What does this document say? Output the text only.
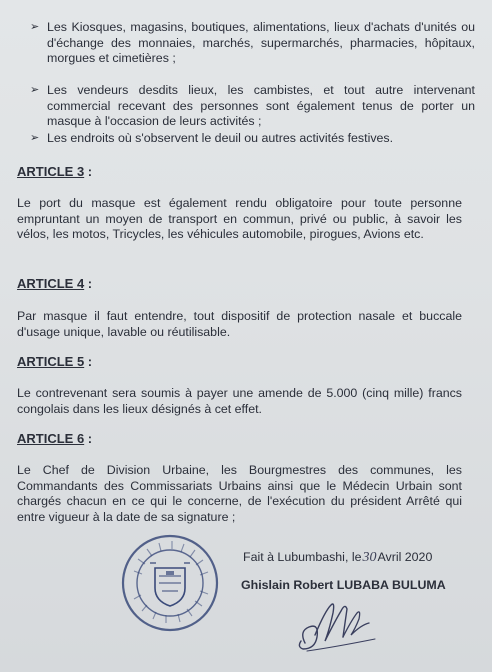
➢ Les Kiosques, magasins, boutiques, alimentations, lieux d'achats d'unités ou d'échange des monnaies, marchés, supermarchés, pharmacies, hôpitaux, morgues et cimetières ;
➢ Les vendeurs desdits lieux, les cambistes, et tout autre intervenant commercial recevant des personnes sont également tenus de porter un masque à l'occasion de leurs activités ;
➢ Les endroits où s'observent le deuil ou autres activités festives.
ARTICLE 3 :
Le port du masque est également rendu obligatoire pour toute personne empruntant un moyen de transport en commun, privé ou public, à savoir les vélos, les motos, Tricycles, les véhicules automobile, pirogues, Avions etc.
ARTICLE 4 :
Par masque il faut entendre, tout dispositif de protection nasale et buccale d'usage unique, lavable ou réutilisable.
ARTICLE 5 :
Le contrevenant sera soumis à payer une amende de 5.000 (cinq mille) francs congolais dans les lieux désignés à cet effet.
ARTICLE 6 :
Le Chef de Division Urbaine, les Bourgmestres des communes, les Commandants des Commissariats Urbains ainsi que le Médecin Urbain sont chargés chacun en ce qui le concerne, de l'exécution du président Arrêté qui entre vigueur à la date de sa signature ;
Fait à Lubumbashi, le30Avril 2020
Ghislain Robert LUBABA BULUMA
